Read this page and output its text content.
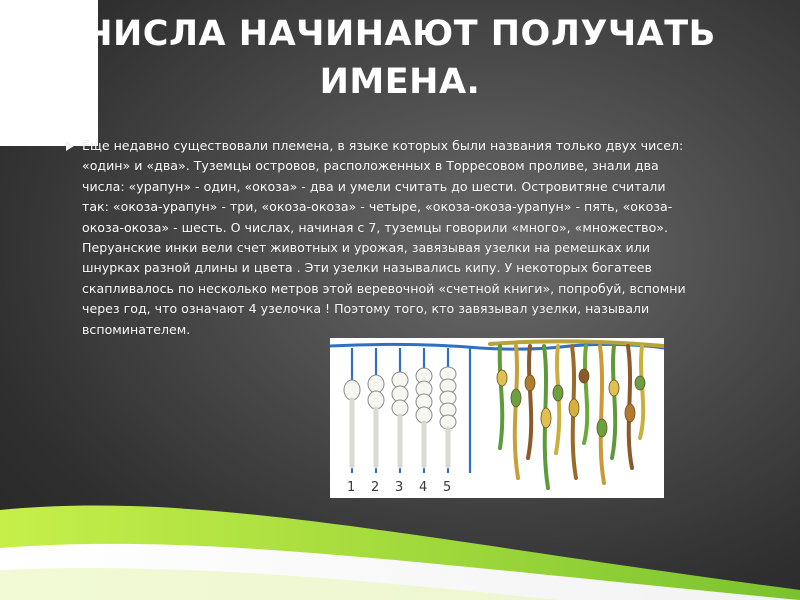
ЧИСЛА НАЧИНАЮТ ПОЛУЧАТЬ ИМЕНА.
Еще недавно существовали племена, в языке которых были названия только двух чисел:
«один» и «два». Туземцы островов, расположенных в Торресовом проливе, знали два
числа: «урапун» - один, «окоза» - два и умели считать до шести. Островитяне считали
так: «окоза-урапун» - три, «окоза-окоза» - четыре, «окоза-окоза-урапун» - пять, «окоза-
окоза-окоза» - шесть. О числах, начиная с 7, туземцы говорили «много», «множество».
Перуанские инки вели счет животных и урожая, завязывая узелки на ремешках или
шнурках разной длины и цвета . Эти узелки назывались кипу. У некоторых богатеев
скапливалось по несколько метров этой веревочной «счетной книги», попробуй, вспомни
через год, что означают 4 узелочка ! Поэтому того, кто завязывал узелки, называли
вспоминателем.
1 2 3 4 5
